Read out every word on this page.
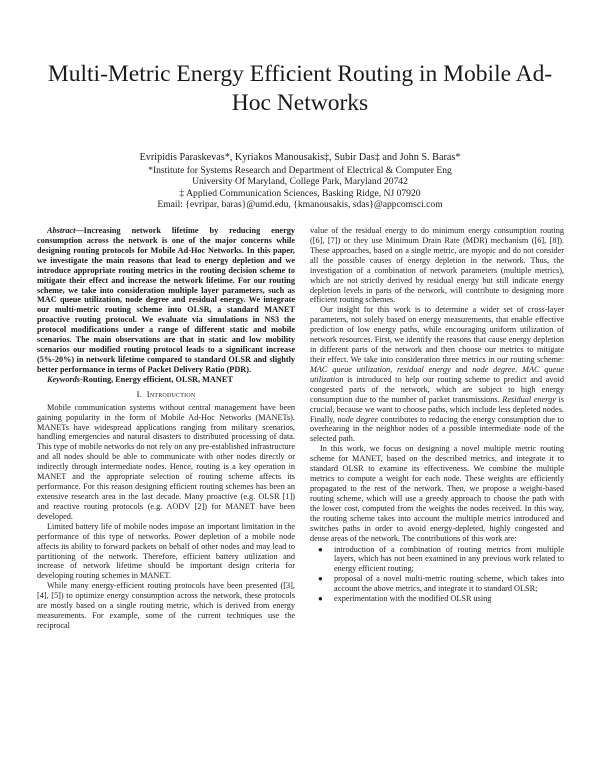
Multi-Metric Energy Efficient Routing in Mobile Ad-Hoc Networks
Evripidis Paraskevas*, Kyriakos Manousakis‡, Subir Das‡ and John S. Baras*
*Institute for Systems Research and Department of Electrical & Computer Eng
University Of Maryland, College Park, Maryland 20742
‡ Applied Communication Sciences, Basking Ridge, NJ 07920
Email: {evripar, baras}@umd.edu, {kmanousakis, sdas}@appcomsci.com

Abstract—Increasing network lifetime by reducing energy consumption across the network is one of the major concerns while designing routing protocols for Mobile Ad-Hoc Networks. In this paper, we investigate the main reasons that lead to energy depletion and we introduce appropriate routing metrics in the routing decision scheme to mitigate their effect and increase the network lifetime. For our routing scheme, we take into consideration multiple layer parameters, such as MAC queue utilization, node degree and residual energy. We integrate our multi-metric routing scheme into OLSR, a standard MANET proactive routing protocol. We evaluate via simulations in NS3 the protocol modifications under a range of different static and mobile scenarios. The main observations are that in static and low mobility scenarios our modified routing protocol leads to a significant increase (5%-20%) in network lifetime compared to standard OLSR and slightly better performance in terms of Packet Delivery Ratio (PDR).

Keywords-Routing, Energy efficient, OLSR, MANET

I. Introduction

Mobile communication systems without central management have been gaining popularity in the form of Mobile Ad-Hoc Networks (MANETs). MANETs have widespread applications ranging from military scenarios, handling emergencies and natural disasters to distributed processing of data. This type of mobile networks do not rely on any pre-established infrastructure and all nodes should be able to communicate with other nodes directly or indirectly through intermediate nodes. Hence, routing is a key operation in MANET and the appropriate selection of routing scheme affects its performance. For this reason designing efficient routing schemes has been an extensive research area in the last decade. Many proactive (e.g. OLSR [1]) and reactive routing protocols (e.g. AODV [2]) for MANET have been developed.

Limited battery life of mobile nodes impose an important limitation in the performance of this type of networks. Power depletion of a mobile node affects its ability to forward packets on behalf of other nodes and may lead to partitioning of the network. Therefore, efficient battery utilization and increase of network lifetime should be important design criteria for developing routing schemes in MANET.

While many energy-efficient routing protocols have been presented ([3], [4], [5]) to optimize energy consumption across the network, these protocols are mostly based on a single routing metric, which is derived from energy measurements. For example, some of the current techniques use the reciprocal

value of the residual energy to do minimum energy consumption routing ([6], [7]) or they use Minimum Drain Rate (MDR) mechanism ([6], [8]). These approaches, based on a single metric, are myopic and do not consider all the possible causes of energy depletion in the network. Thus, the investigation of a combination of network parameters (multiple metrics), which are not strictly derived by residual energy but still indicate energy depletion levels in parts of the network, will contribute to designing more efficient routing schemes.

Our insight for this work is to determine a wider set of cross-layer parameters, not solely based on energy measurements, that enable effective prediction of low energy paths, while encouraging uniform utilization of network resources. First, we identify the reasons that cause energy depletion in different parts of the network and then choose our metrics to mitigate their effect. We take into consideration three metrics in our routing scheme: MAC queue utilization, residual energy and node degree. MAC queue utilization is introduced to help our routing scheme to predict and avoid congested parts of the network, which are subject to high energy consumption due to the number of packet transmissions. Residual energy is crucial, because we want to choose paths, which include less depleted nodes. Finally, node degree contributes to reducing the energy consumption due to overhearing in the neighbor nodes of a possible intermediate node of the selected path.

In this work, we focus on designing a novel multiple metric routing scheme for MANET, based on the described metrics, and integrate it to standard OLSR to examine its effectiveness. We combine the multiple metrics to compute a weight for each node. These weights are efficiently propagated to the rest of the network. Then, we propose a weight-based routing scheme, which will use a greedy approach to choose the path with the lower cost, computed from the weights the nodes received. In this way, the routing scheme takes into account the multiple metrics introduced and switches paths in order to avoid energy-depleted, highly congested and dense areas of the network. The contributions of this work are:

● introduction of a combination of routing metrics from multiple layers, which has not been examined in any previous work related to energy efficient routing;
● proposal of a novel multi-metric routing scheme, which takes into account the above metrics, and integrate it to standard OLSR;
● experimentation with the modified OLSR using
